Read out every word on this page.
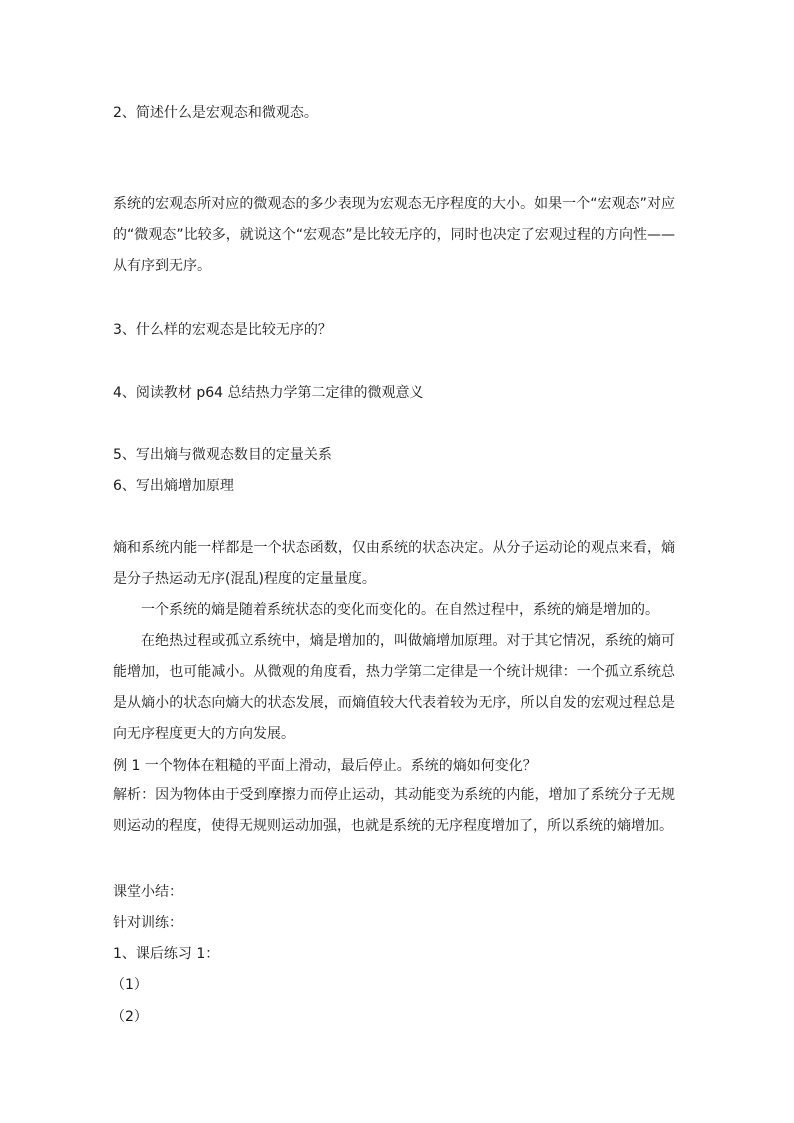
2、简述什么是宏观态和微观态。

系统的宏观态所对应的微观态的多少表现为宏观态无序程度的大小。如果一个“宏观态”对应的“微观态”比较多，就说这个“宏观态”是比较无序的，同时也决定了宏观过程的方向性——从有序到无序。

3、什么样的宏观态是比较无序的？
4、阅读教材 p64 总结热力学第二定律的微观意义
5、写出熵与微观态数目的定量关系
6、写出熵增加原理

熵和系统内能一样都是一个状态函数，仅由系统的状态决定。从分子运动论的观点来看，熵是分子热运动无序(混乱)程度的定量量度。

一个系统的熵是随着系统状态的变化而变化的。在自然过程中，系统的熵是增加的。

在绝热过程或孤立系统中，熵是增加的，叫做熵增加原理。对于其它情况，系统的熵可能增加，也可能减小。从微观的角度看，热力学第二定律是一个统计规律：一个孤立系统总是从熵小的状态向熵大的状态发展，而熵值较大代表着较为无序，所以自发的宏观过程总是向无序程度更大的方向发展。

例 1 一个物体在粗糙的平面上滑动，最后停止。系统的熵如何变化？

解析：因为物体由于受到摩擦力而停止运动，其动能变为系统的内能，增加了系统分子无规则运动的程度，使得无规则运动加强，也就是系统的无序程度增加了，所以系统的熵增加。

课堂小结：
针对训练：
1、课后练习 1：
（1）
（2）
